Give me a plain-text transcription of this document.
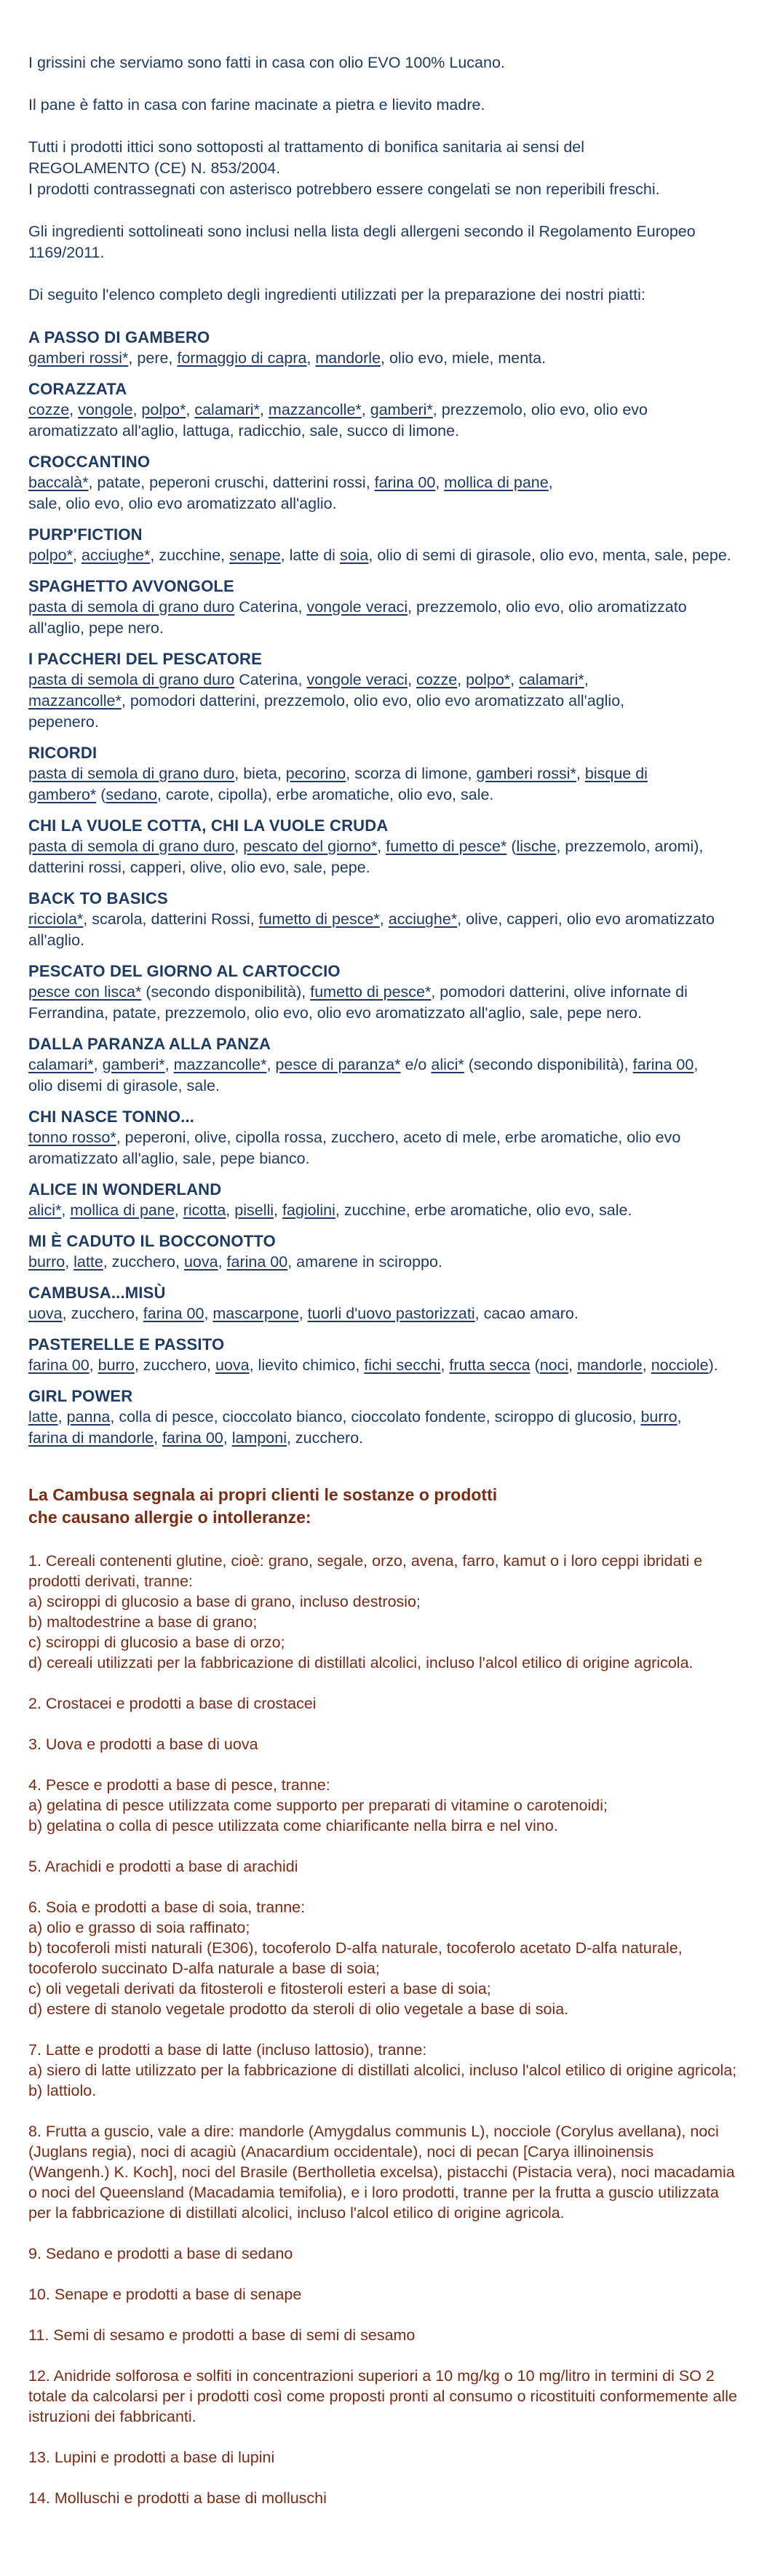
I grissini che serviamo sono fatti in casa con olio EVO 100% Lucano.

Il pane è fatto in casa con farine macinate a pietra e lievito madre.

Tutti i prodotti ittici sono sottoposti al trattamento di bonifica sanitaria ai sensi del
REGOLAMENTO (CE) N. 853/2004.
I prodotti contrassegnati con asterisco potrebbero essere congelati se non reperibili freschi.

Gli ingredienti sottolineati sono inclusi nella lista degli allergeni secondo il Regolamento Europeo
1169/2011.

Di seguito l'elenco completo degli ingredienti utilizzati per la preparazione dei nostri piatti:

A PASSO DI GAMBERO
gamberi rossi*, pere, formaggio di capra, mandorle, olio evo, miele, menta.
CORAZZATA
cozze, vongole, polpo*, calamari*, mazzancolle*, gamberi*, prezzemolo, olio evo, olio evo aromatizzato all'aglio, lattuga, radicchio, sale, succo di limone.
CROCCANTINO
baccalà*, patate, peperoni cruschi, datterini rossi, farina 00, mollica di pane,
sale, olio evo, olio evo aromatizzato all'aglio.
PURP'FICTION
polpo*, acciughe*, zucchine, senape, latte di soia, olio di semi di girasole, olio evo, menta, sale, pepe.
SPAGHETTO AVVONGOLE
pasta di semola di grano duro Caterina, vongole veraci, prezzemolo, olio evo, olio aromatizzato all'aglio, pepe nero.
I PACCHERI DEL PESCATORE
pasta di semola di grano duro Caterina, vongole veraci, cozze, polpo*, calamari*,
mazzancolle*, pomodori datterini, prezzemolo, olio evo, olio evo aromatizzato all'aglio,
pepenero.
RICORDI
pasta di semola di grano duro, bieta, pecorino, scorza di limone, gamberi rossi*, bisque di
gambero* (sedano, carote, cipolla), erbe aromatiche, olio evo, sale.
CHI LA VUOLE COTTA, CHI LA VUOLE CRUDA
pasta di semola di grano duro, pescato del giorno*, fumetto di pesce* (lische, prezzemolo, aromi),
datterini rossi, capperi, olive, olio evo, sale, pepe.
BACK TO BASICS
ricciola*, scarola, datterini Rossi, fumetto di pesce*, acciughe*, olive, capperi, olio evo aromatizzato all'aglio.
PESCATO DEL GIORNO AL CARTOCCIO
pesce con lisca* (secondo disponibilità), fumetto di pesce*, pomodori datterini, olive infornate di Ferrandina, patate, prezzemolo, olio evo, olio evo aromatizzato all'aglio, sale, pepe nero.
DALLA PARANZA ALLA PANZA
calamari*, gamberi*, mazzancolle*, pesce di paranza* e/o alici* (secondo disponibilità), farina 00,
olio disemi di girasole, sale.
CHI NASCE TONNO...
tonno rosso*, peperoni, olive, cipolla rossa, zucchero, aceto di mele, erbe aromatiche, olio evo aromatizzato all'aglio, sale, pepe bianco.
ALICE IN WONDERLAND
alici*, mollica di pane, ricotta, piselli, fagiolini, zucchine, erbe aromatiche, olio evo, sale.
MI È CADUTO IL BOCCONOTTO
burro, latte, zucchero, uova, farina 00, amarene in sciroppo.
CAMBUSA...MISÙ
uova, zucchero, farina 00, mascarpone, tuorli d'uovo pastorizzati, cacao amaro.
PASTERELLE E PASSITO
farina 00, burro, zucchero, uova, lievito chimico, fichi secchi, frutta secca (noci, mandorle, nocciole).
GIRL POWER
latte, panna, colla di pesce, cioccolato bianco, cioccolato fondente, sciroppo di glucosio, burro,
farina di mandorle, farina 00, lamponi, zucchero.
La Cambusa segnala ai propri clienti le sostanze o prodotti
che causano allergie o intolleranze:

1. Cereali contenenti glutine, cioè: grano, segale, orzo, avena, farro, kamut o i loro ceppi ibridati e prodotti derivati, tranne:
a) sciroppi di glucosio a base di grano, incluso destrosio;
b) maltodestrine a base di grano;
c) sciroppi di glucosio a base di orzo;
d) cereali utilizzati per la fabbricazione di distillati alcolici, incluso l'alcol etilico di origine agricola.

2. Crostacei e prodotti a base di crostacei

3. Uova e prodotti a base di uova

4. Pesce e prodotti a base di pesce, tranne:
a) gelatina di pesce utilizzata come supporto per preparati di vitamine o carotenoidi;
b) gelatina o colla di pesce utilizzata come chiarificante nella birra e nel vino.

5. Arachidi e prodotti a base di arachidi

6. Soia e prodotti a base di soia, tranne:
a) olio e grasso di soia raffinato;
b) tocoferoli misti naturali (E306), tocoferolo D-alfa naturale, tocoferolo acetato D-alfa naturale, tocoferolo succinato D-alfa naturale a base di soia;
c) oli vegetali derivati da fitosteroli e fitosteroli esteri a base di soia;
d) estere di stanolo vegetale prodotto da steroli di olio vegetale a base di soia.

7. Latte e prodotti a base di latte (incluso lattosio), tranne:
a) siero di latte utilizzato per la fabbricazione di distillati alcolici, incluso l'alcol etilico di origine agricola;
b) lattiolo.

8. Frutta a guscio, vale a dire: mandorle (Amygdalus communis L), nocciole (Corylus avellana), noci (Juglans regia), noci di acagiù (Anacardium occidentale), noci di pecan [Carya illinoinensis (Wangenh.) K. Koch], noci del Brasile (Bertholletia excelsa), pistacchi (Pistacia vera), noci macadamia o noci del Queensland (Macadamia temifolia), e i loro prodotti, tranne per la frutta a guscio utilizzata per la fabbricazione di distillati alcolici, incluso l'alcol etilico di origine agricola.

9. Sedano e prodotti a base di sedano

10. Senape e prodotti a base di senape

11. Semi di sesamo e prodotti a base di semi di sesamo

12. Anidride solforosa e solfiti in concentrazioni superiori a 10 mg/kg o 10 mg/litro in termini di SO 2 totale da calcolarsi per i prodotti così come proposti pronti al consumo o ricostituiti conformemente alle istruzioni dei fabbricanti.

13. Lupini e prodotti a base di lupini

14. Molluschi e prodotti a base di molluschi
